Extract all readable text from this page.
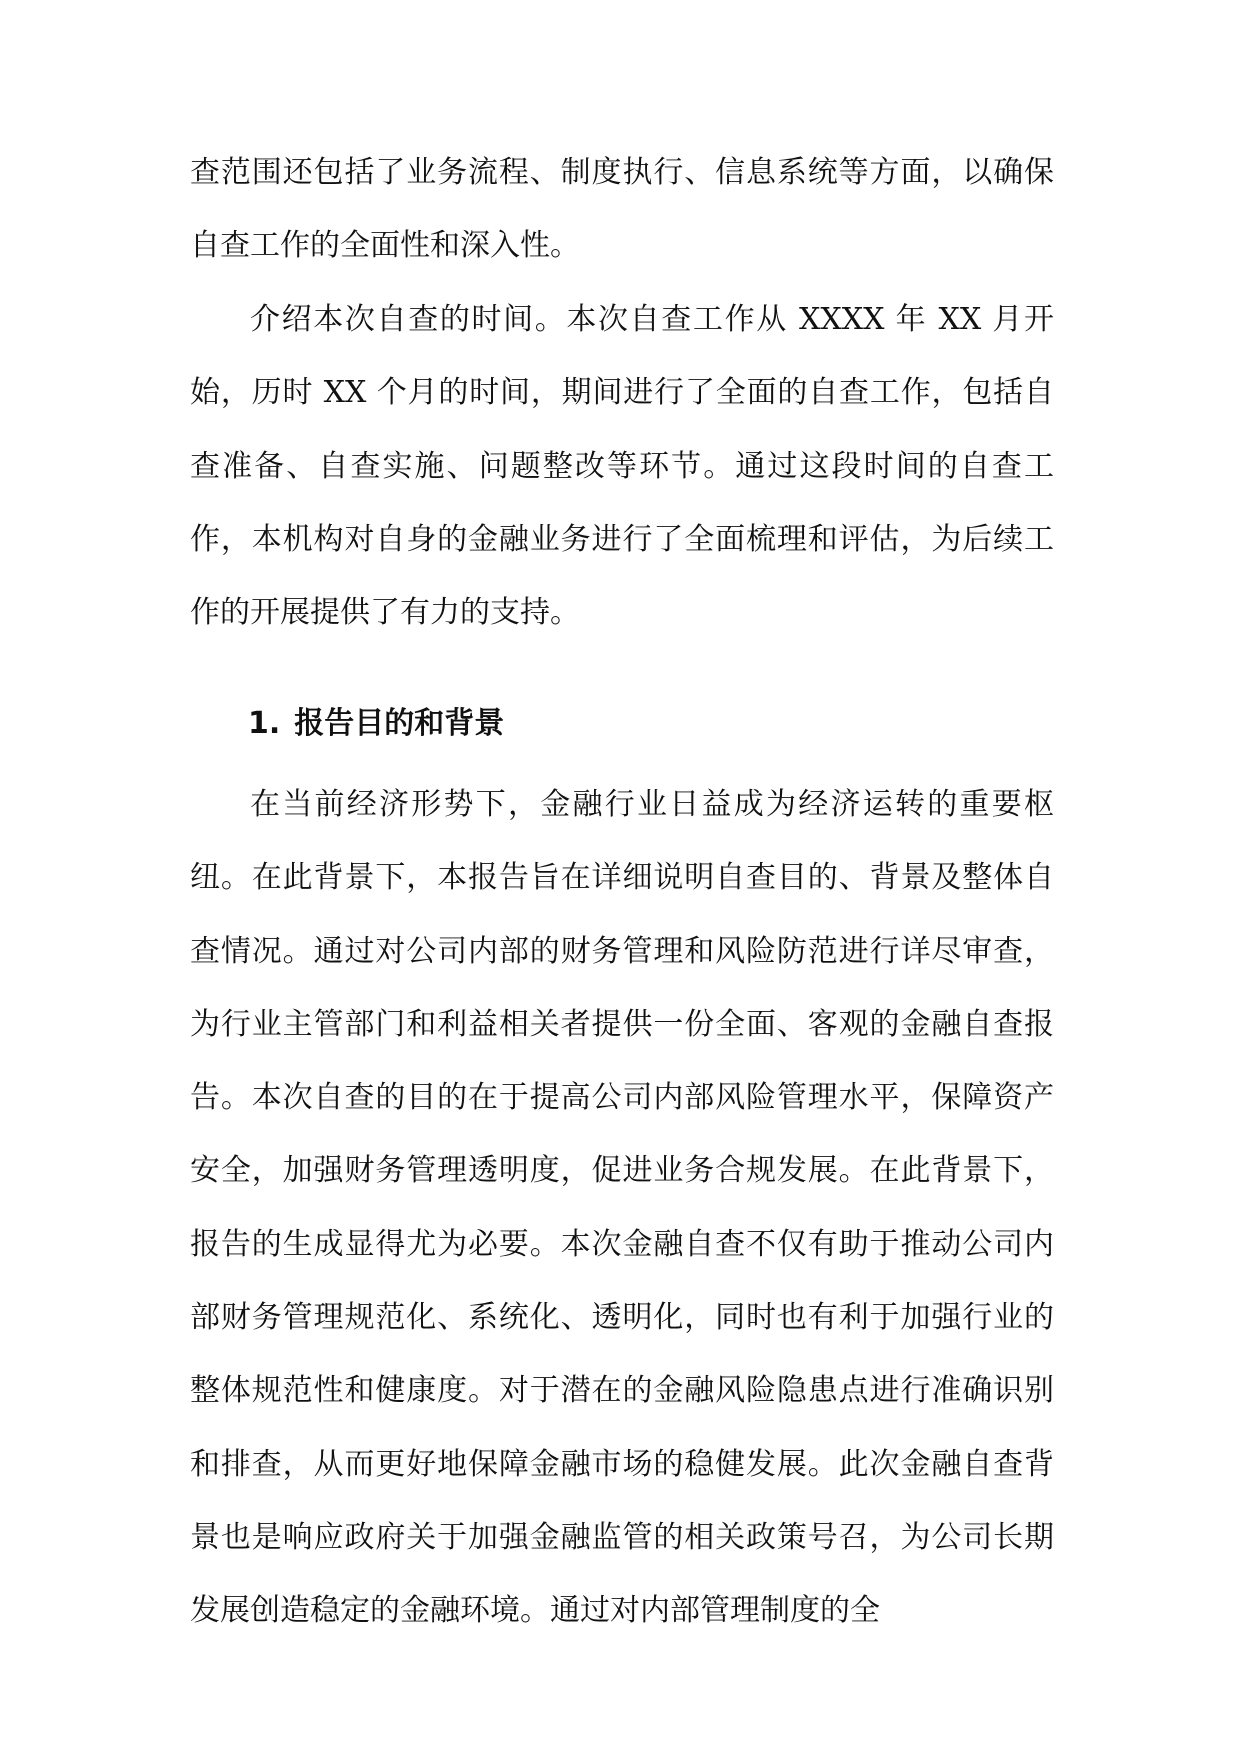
查范围还包括了业务流程、制度执行、信息系统等方面，以确保自查工作的全面性和深入性。

介绍本次自查的时间。本次自查工作从 XXXX 年 XX 月开始，历时 XX 个月的时间，期间进行了全面的自查工作，包括自查准备、自查实施、问题整改等环节。通过这段时间的自查工作，本机构对自身的金融业务进行了全面梳理和评估，为后续工作的开展提供了有力的支持。

1. 报告目的和背景

在当前经济形势下，金融行业日益成为经济运转的重要枢纽。在此背景下，本报告旨在详细说明自查目的、背景及整体自查情况。通过对公司内部的财务管理和风险防范进行详尽审查，为行业主管部门和利益相关者提供一份全面、客观的金融自查报告。本次自查的目的在于提高公司内部风险管理水平，保障资产安全，加强财务管理透明度，促进业务合规发展。在此背景下，报告的生成显得尤为必要。本次金融自查不仅有助于推动公司内部财务管理规范化、系统化、透明化，同时也有利于加强行业的整体规范性和健康度。对于潜在的金融风险隐患点进行准确识别和排查，从而更好地保障金融市场的稳健发展。此次金融自查背景也是响应政府关于加强金融监管的相关政策号召，为公司长期发展创造稳定的金融环境。通过对内部管理制度的全
